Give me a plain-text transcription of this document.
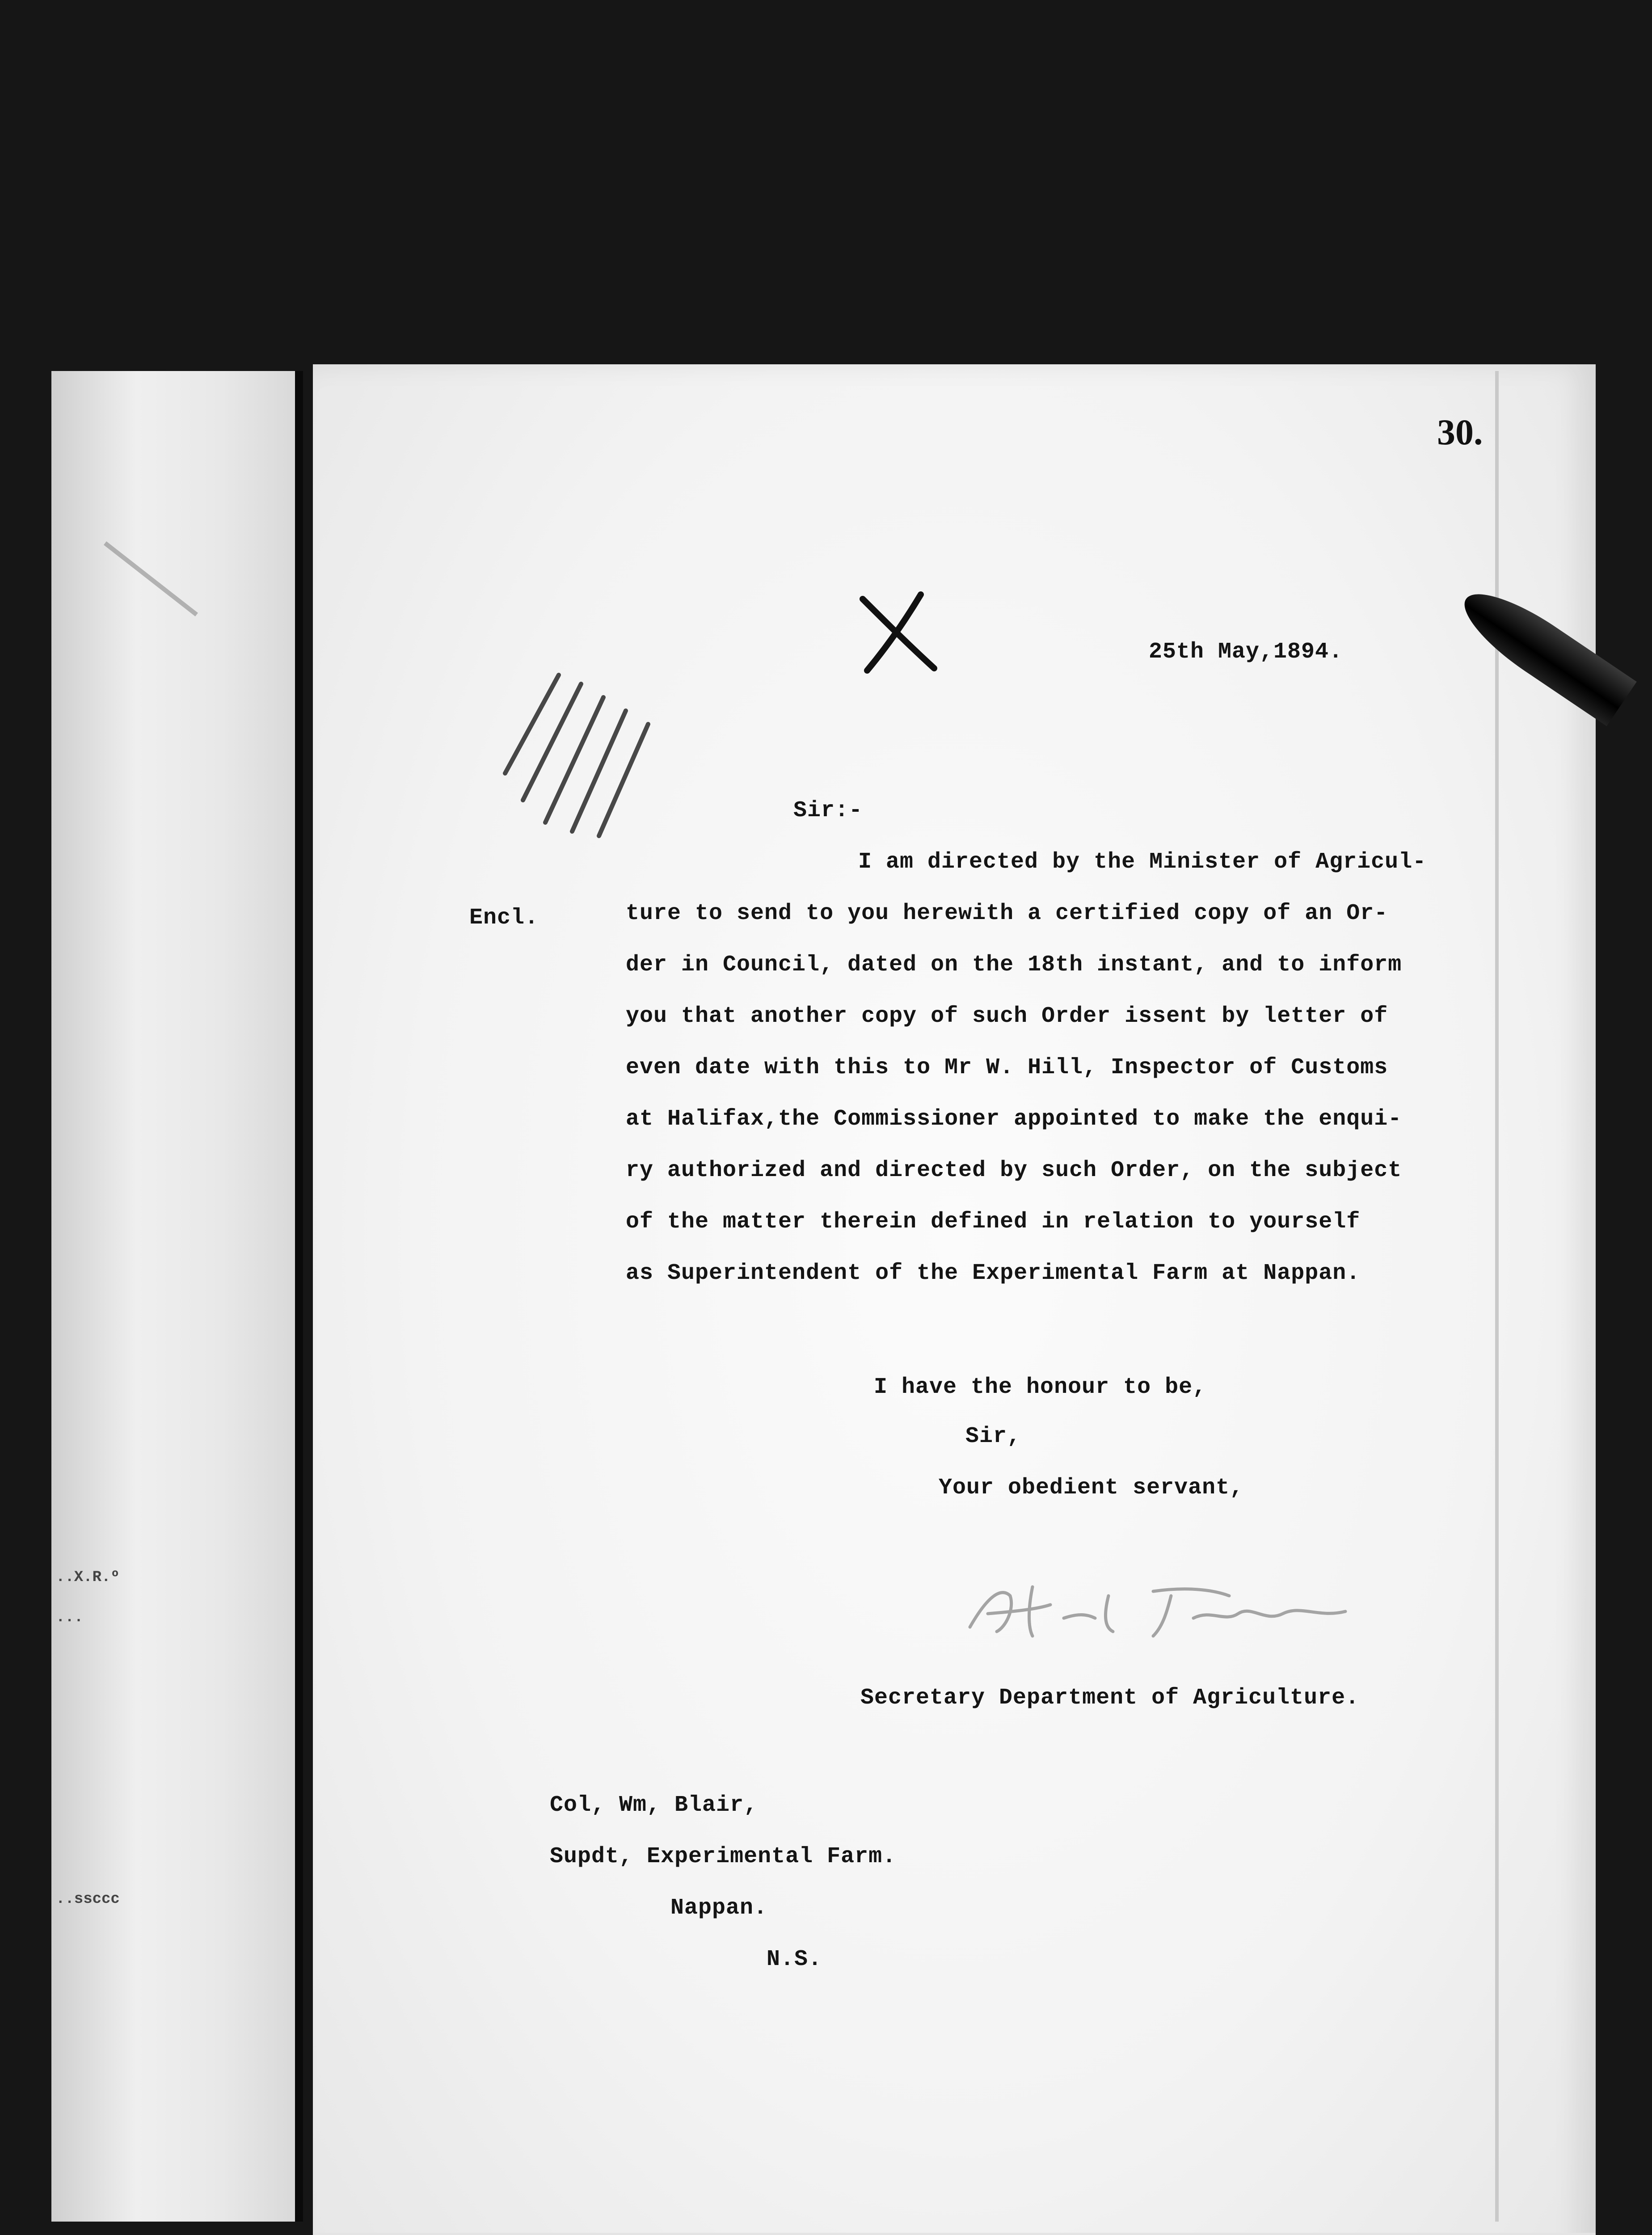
..X.R.º
...
..ssccc
30.
25th May,1894.
Sir:-
Encl.
I am directed by the Minister of Agricul-
ture to send to you herewith a certified copy of an Or-
der in Council, dated on the 18th instant, and to inform
you that another copy of such Order issent by letter of
even date with this to Mr W. Hill, Inspector of Customs
at Halifax,the Commissioner appointed to make the enqui-
ry authorized and directed by such Order, on the subject
of the matter therein defined in relation to yourself
as Superintendent of the Experimental Farm at Nappan.
I have the honour to be,
Sir,
Your obedient servant,
Secretary Department of Agriculture.
Col, Wm, Blair,
Supdt, Experimental Farm.
Nappan.
N.S.
